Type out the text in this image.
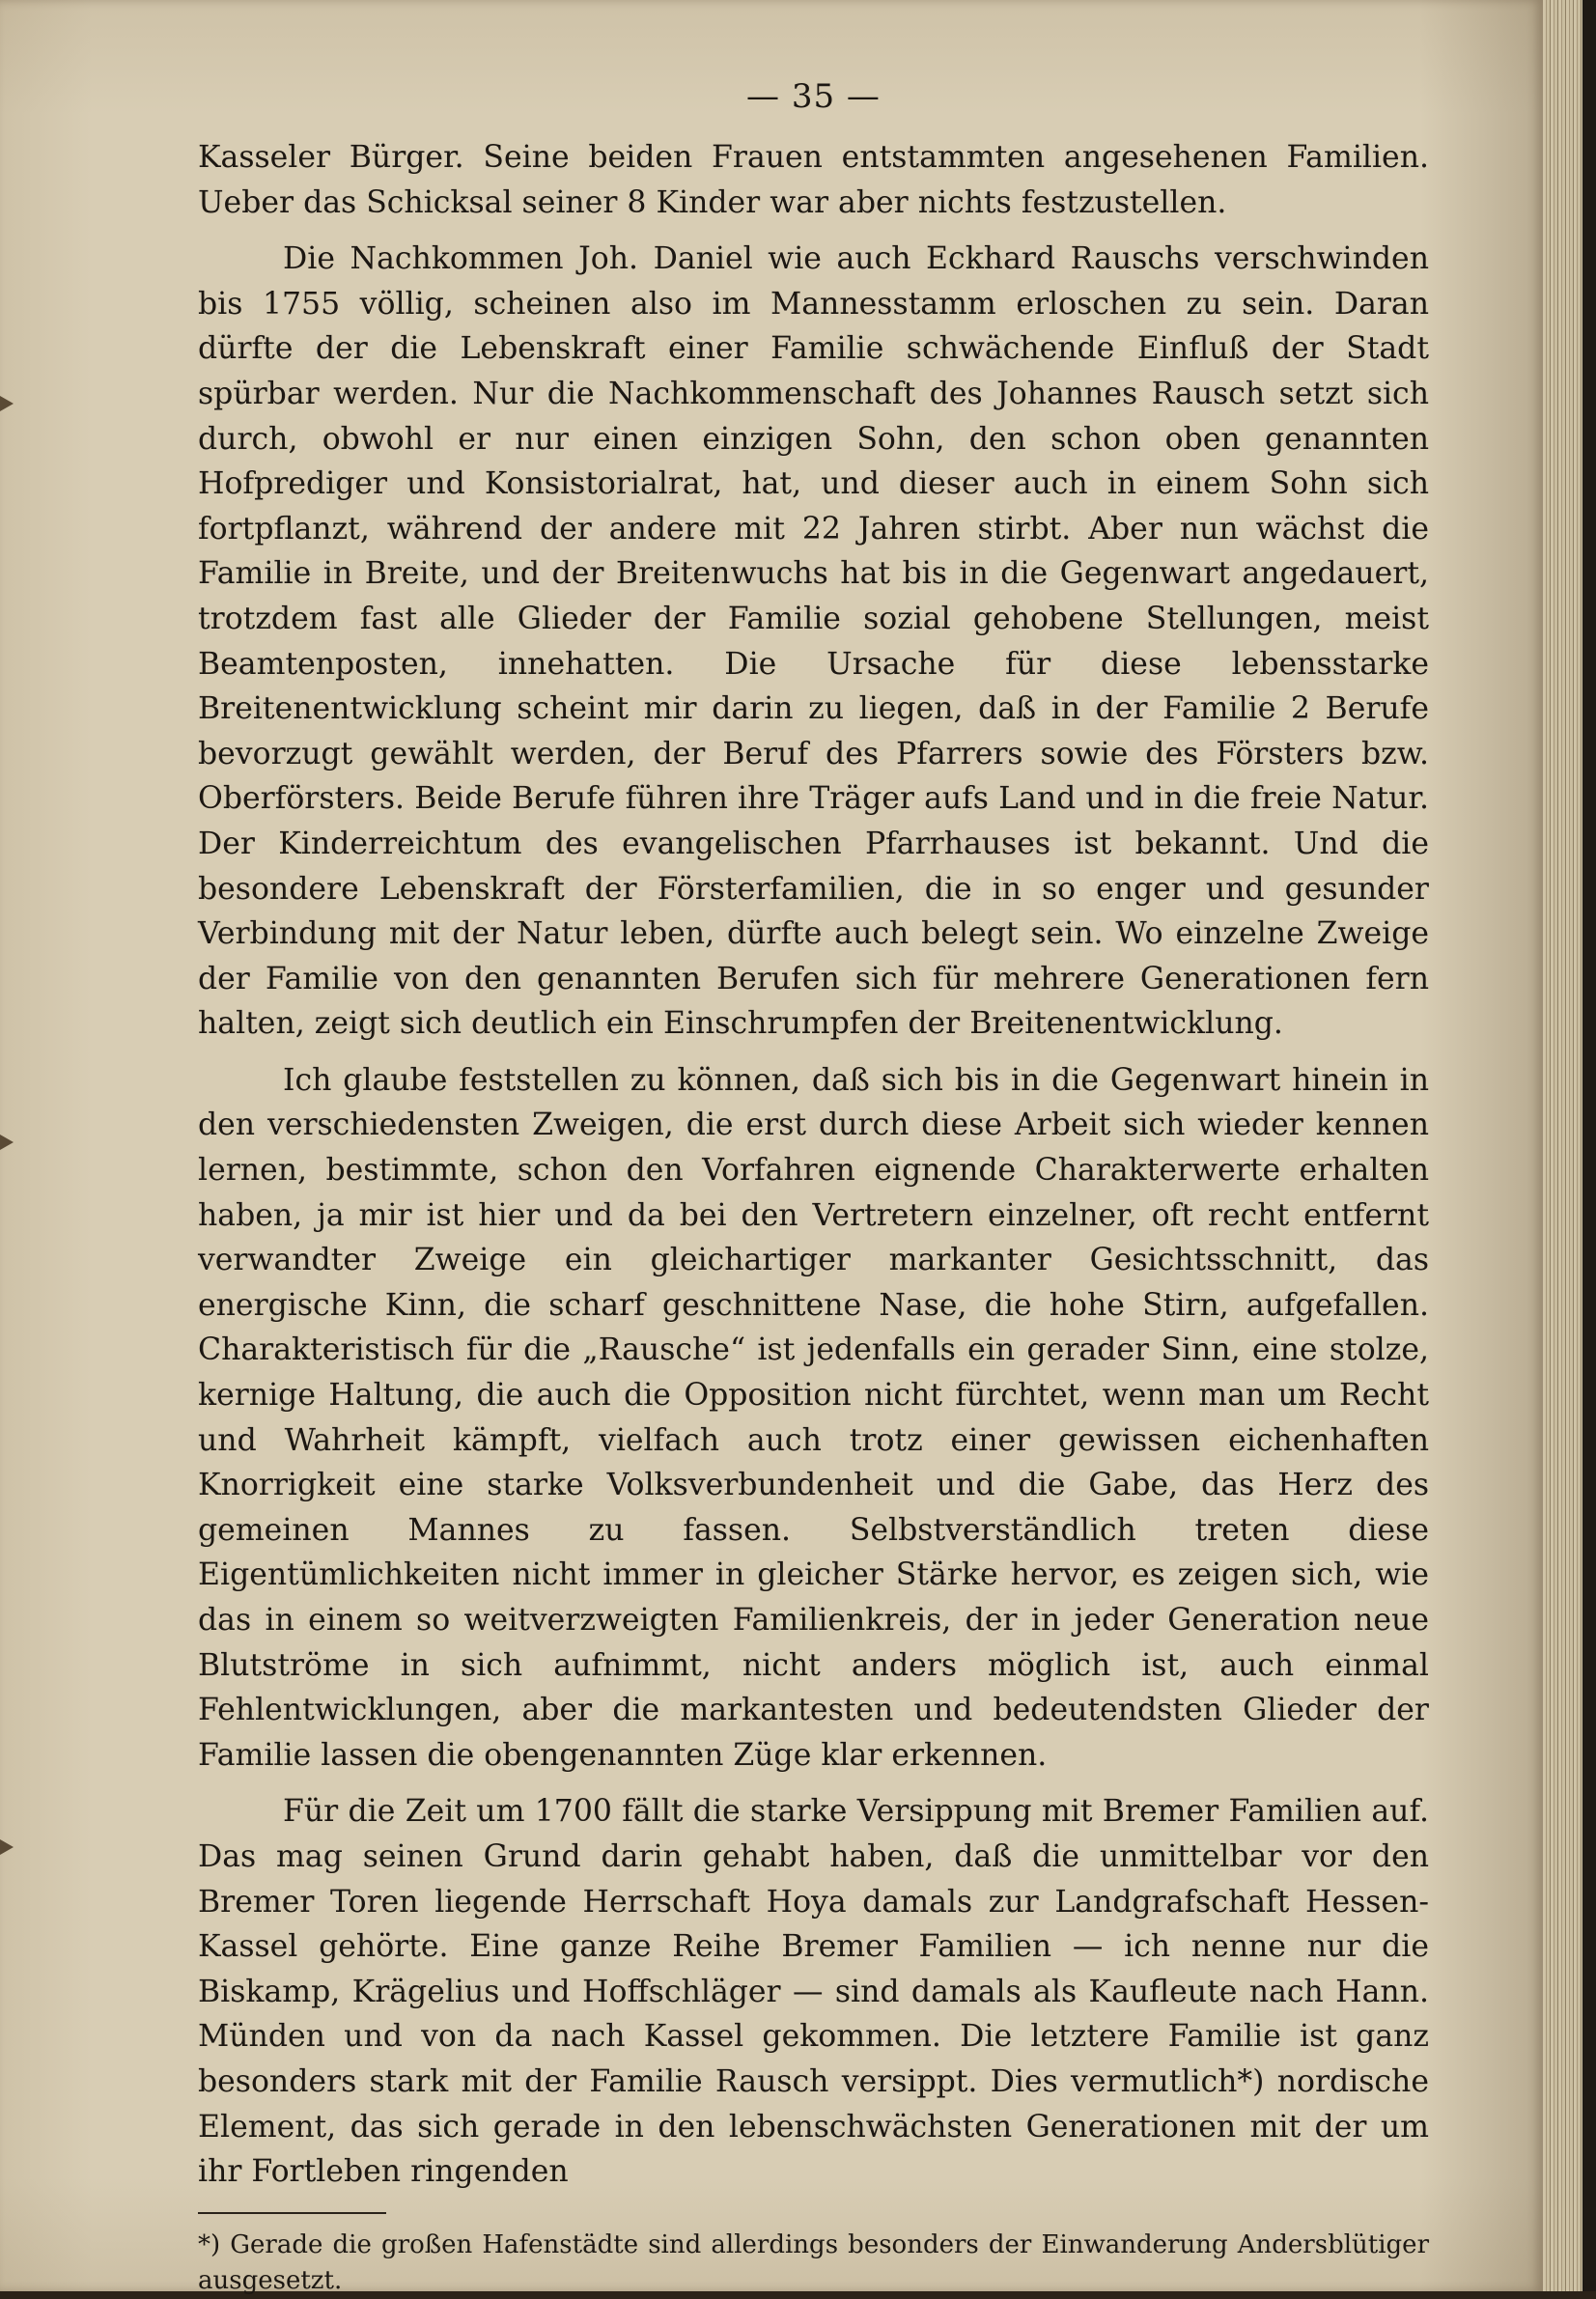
— 35 —

Kasseler Bürger. Seine beiden Frauen entstammten angesehenen Familien. Ueber das Schicksal seiner 8 Kinder war aber nichts festzustellen.

Die Nachkommen Joh. Daniel wie auch Eckhard Rauschs verschwinden bis 1755 völlig, scheinen also im Mannesstamm erloschen zu sein. Daran dürfte der die Lebenskraft einer Familie schwächende Einfluß der Stadt spürbar werden. Nur die Nachkommenschaft des Johannes Rausch setzt sich durch, obwohl er nur einen einzigen Sohn, den schon oben genannten Hofprediger und Konsistorialrat, hat, und dieser auch in einem Sohn sich fortpflanzt, während der andere mit 22 Jahren stirbt. Aber nun wächst die Familie in Breite, und der Breitenwuchs hat bis in die Gegenwart angedauert, trotzdem fast alle Glieder der Familie sozial gehobene Stellungen, meist Beamtenposten, innehatten. Die Ursache für diese lebensstarke Breitenentwicklung scheint mir darin zu liegen, daß in der Familie 2 Berufe bevorzugt gewählt werden, der Beruf des Pfarrers sowie des Försters bzw. Oberförsters. Beide Berufe führen ihre Träger aufs Land und in die freie Natur. Der Kinderreichtum des evangelischen Pfarrhauses ist bekannt. Und die besondere Lebenskraft der Försterfamilien, die in so enger und gesunder Verbindung mit der Natur leben, dürfte auch belegt sein. Wo einzelne Zweige der Familie von den genannten Berufen sich für mehrere Generationen fern halten, zeigt sich deutlich ein Einschrumpfen der Breitenentwicklung.

Ich glaube feststellen zu können, daß sich bis in die Gegenwart hinein in den verschiedensten Zweigen, die erst durch diese Arbeit sich wieder kennen lernen, bestimmte, schon den Vorfahren eignende Charakterwerte erhalten haben, ja mir ist hier und da bei den Vertretern einzelner, oft recht entfernt verwandter Zweige ein gleichartiger markanter Gesichtsschnitt, das energische Kinn, die scharf geschnittene Nase, die hohe Stirn, aufgefallen. Charakteristisch für die „Rausche“ ist jedenfalls ein gerader Sinn, eine stolze, kernige Haltung, die auch die Opposition nicht fürchtet, wenn man um Recht und Wahrheit kämpft, vielfach auch trotz einer gewissen eichenhaften Knorrigkeit eine starke Volksverbundenheit und die Gabe, das Herz des gemeinen Mannes zu fassen. Selbstverständlich treten diese Eigentümlichkeiten nicht immer in gleicher Stärke hervor, es zeigen sich, wie das in einem so weitverzweigten Familienkreis, der in jeder Generation neue Blutströme in sich aufnimmt, nicht anders möglich ist, auch einmal Fehlentwicklungen, aber die markantesten und bedeutendsten Glieder der Familie lassen die obengenannten Züge klar erkennen.

Für die Zeit um 1700 fällt die starke Versippung mit Bremer Familien auf. Das mag seinen Grund darin gehabt haben, daß die unmittelbar vor den Bremer Toren liegende Herrschaft Hoya damals zur Landgrafschaft Hessen-Kassel gehörte. Eine ganze Reihe Bremer Familien — ich nenne nur die Biskamp, Krägelius und Hoffschläger — sind damals als Kaufleute nach Hann. Münden und von da nach Kassel gekommen. Die letztere Familie ist ganz besonders stark mit der Familie Rausch versippt. Dies vermutlich*) nordische Element, das sich gerade in den lebenschwächsten Generationen mit der um ihr Fortleben ringenden

*) Gerade die großen Hafenstädte sind allerdings besonders der Einwanderung Andersblütiger ausgesetzt.
